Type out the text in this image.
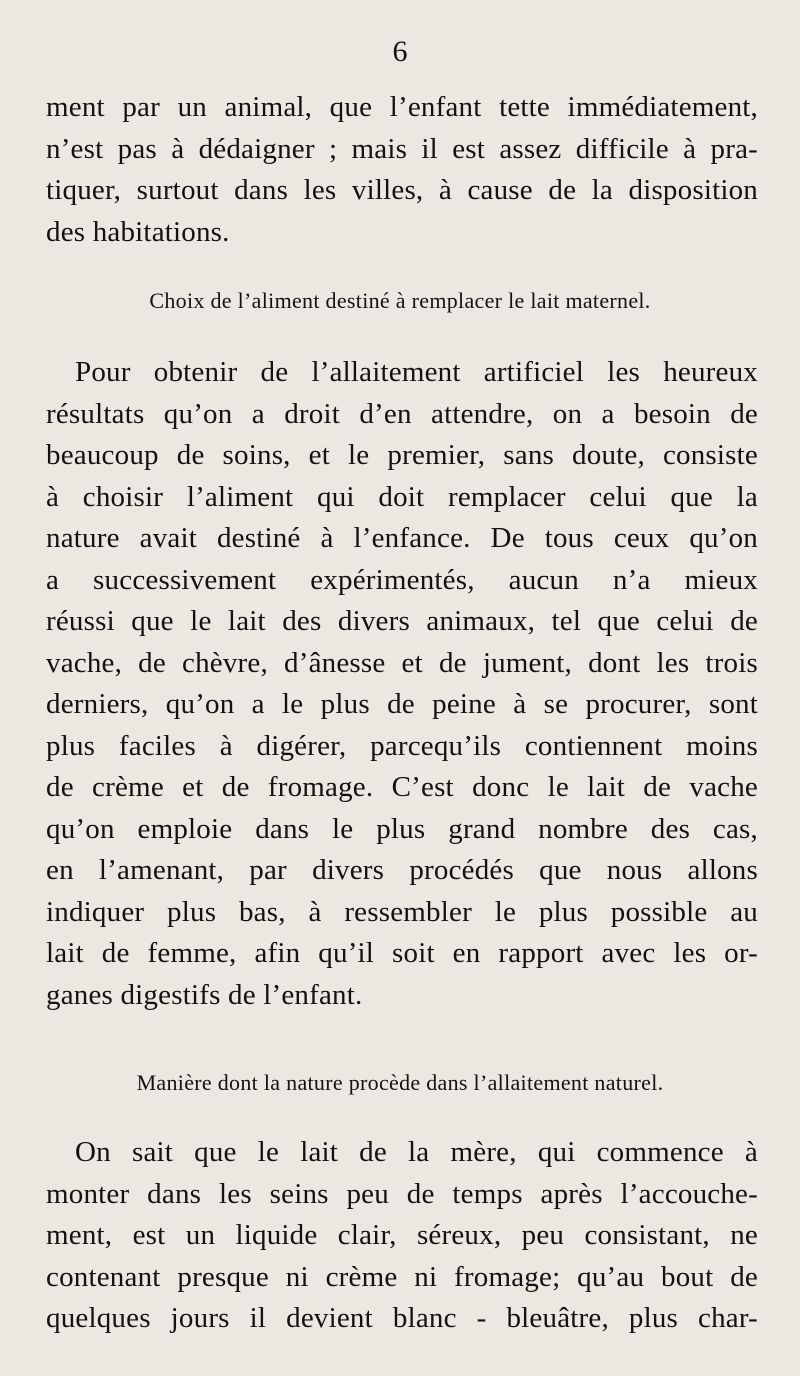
6
ment par un animal, que l’enfant tette immédiatement,
n’est pas à dédaigner ; mais il est assez difficile à pra-
tiquer, surtout dans les villes, à cause de la disposition
des habitations.
Choix de l’aliment destiné à remplacer le lait maternel.
Pour obtenir de l’allaitement artificiel les heureux
résultats qu’on a droit d’en attendre, on a besoin de
beaucoup de soins, et le premier, sans doute, consiste
à choisir l’aliment qui doit remplacer celui que la
nature avait destiné à l’enfance. De tous ceux qu’on
a successivement expérimentés, aucun n’a mieux
réussi que le lait des divers animaux, tel que celui de
vache, de chèvre, d’ânesse et de jument, dont les trois
derniers, qu’on a le plus de peine à se procurer, sont
plus faciles à digérer, parcequ’ils contiennent moins
de crème et de fromage. C’est donc le lait de vache
qu’on emploie dans le plus grand nombre des cas,
en l’amenant, par divers procédés que nous allons
indiquer plus bas, à ressembler le plus possible au
lait de femme, afin qu’il soit en rapport avec les or-
ganes digestifs de l’enfant.
Manière dont la nature procède dans l’allaitement naturel.
On sait que le lait de la mère, qui commence à
monter dans les seins peu de temps après l’accouche-
ment, est un liquide clair, séreux, peu consistant, ne
contenant presque ni crème ni fromage; qu’au bout de
quelques jours il devient blanc - bleuâtre, plus char-
